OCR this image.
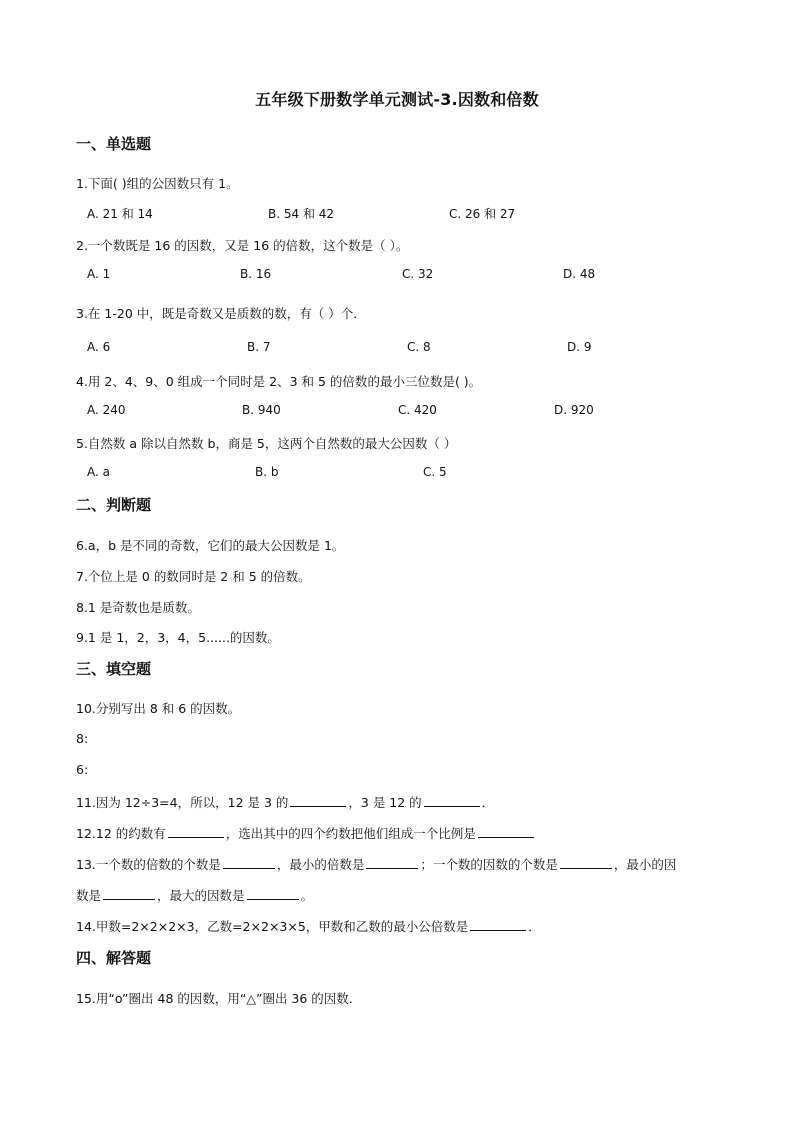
五年级下册数学单元测试-3.因数和倍数
一、单选题
1.下面( )组的公因数只有 1。
A. 21 和 14	B. 54 和 42	C. 26 和 27
2.一个数既是 16 的因数，又是 16 的倍数，这个数是（ ）。
A. 1	B. 16	C. 32	D. 48
3.在 1-20 中，既是奇数又是质数的数，有（ ）个．
A. 6	B. 7	C. 8	D. 9
4.用 2、4、9、0 组成一个同时是 2、3 和 5 的倍数的最小三位数是( )。
A. 240	B. 940	C. 420	D. 920
5.自然数 a 除以自然数 b，商是 5，这两个自然数的最大公因数（ ）
A. a	B. b	C. 5
二、判断题
6.a，b 是不同的奇数，它们的最大公因数是 1。
7.个位上是 0 的数同时是 2 和 5 的倍数。
8.1 是奇数也是质数。
9.1 是 1，2，3，4，5......的因数。
三、填空题
10.分别写出 8 和 6 的因数。
8:
6:
11.因为 12÷3=4，所以，12 是 3 的	，3 是 12 的	．
12.12 的约数有	，选出其中的四个约数把他们组成一个比例是
13.一个数的倍数的个数是	，最小的倍数是	；一个数的因数的个数是	，最小的因
数是	，最大的因数是	。
14.甲数=2×2×2×3，乙数=2×2×3×5，甲数和乙数的最小公倍数是	．
四、解答题
15.用“o”圈出 48 的因数，用“△”圈出 36 的因数．
